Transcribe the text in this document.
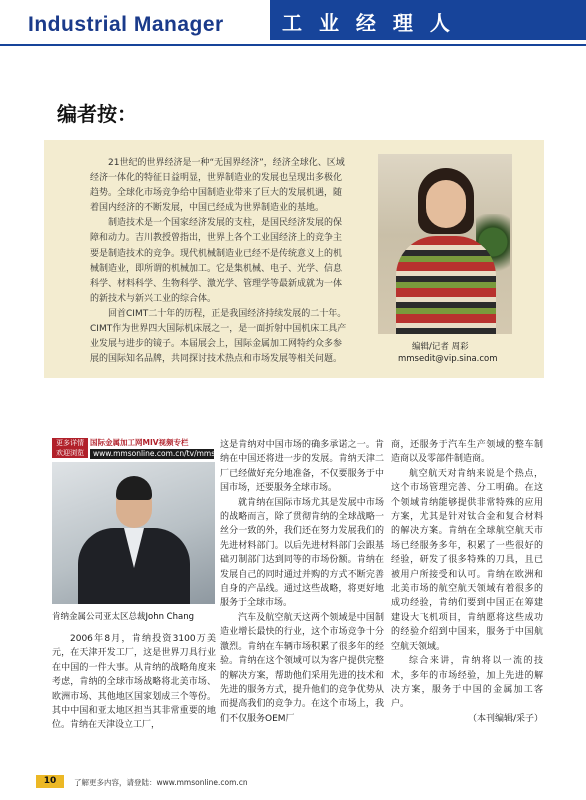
Industrial Manager	工 业 经 理 人
编者按：

21世纪的世界经济是一种“无国界经济”，经济全球化、区域经济一体化的特征日益明显，世界制造业的发展也呈现出多极化趋势。全球化市场竞争给中国制造业带来了巨大的发展机遇，随着国内经济的不断发展，中国已经成为世界制造业的基地。

制造技术是一个国家经济发展的支柱，是国民经济发展的保障和动力。吉川教授曾指出，世界上各个工业国经济上的竞争主要是制造技术的竞争。现代机械制造业已经不是传统意义上的机械制造业，即所谓的机械加工。它是集机械、电子、光学、信息科学、材料科学、生物科学、激光学、管理学等最新成就为一体的新技术与新兴工业的综合体。

回首CIMT二十年的历程，正是我国经济持续发展的二十年。CIMT作为世界四大国际机床展之一，是一面折射中国机床工具产业发展与进步的镜子。本届展会上，国际金属加工网特约众多参展的国际知名品牌，共同探讨技术热点和市场发展等相关问题。

编辑/记者 周彩
mmsedit@vip.sina.com
更多详情 欢迎浏览
国际金属加工网MIV视频专栏
www.mmsonline.com.cn/tv/mms
肯纳金属公司亚太区总裁John Chang

2006年8月，肯纳投资3100万美元，在天津开发工厂，这是世界刀具行业在中国的一件大事。从肯纳的战略角度来考虑，肯纳的全球市场战略将北美市场、欧洲市场、其他地区国家划成三个等份。其中中国和亚太地区担当其非常重要的地位。肯纳在天津设立工厂，

这是肯纳对中国市场的确多承诺之一。肯纳在中国还将进一步的发展。肯纳天津二厂已经做好充分地准备，不仅要服务于中国市场，还要服务全球市场。

就肯纳在国际市场尤其是发展中市场的战略而言，除了贯彻肯纳的全球战略一丝分一致的外，我们还在努力发展我们的先进材料部门。以后先进材料部门会跟基础刃制部门达到同等的市场份额。肯纳在发展自己的同时通过并购的方式不断完善自身的产品线。通过这些战略，将更好地服务于全球市场。

汽车及航空航天这两个领域是中国制造业增长最快的行业，这个市场竞争十分激烈。肯纳在车辆市场积累了很多年的经验。肯纳在这个领域可以为客户提供完整的解决方案，帮助他们采用先进的技术和先进的服务方式，提升他们的竞争优势从而提高我们的竞争力。在这个市场上，我们不仅服务OEM厂

商，还服务于汽车生产领域的整车制造商以及零部件制造商。

航空航天对肯纳来说是个热点，这个市场管理完善、分工明确。在这个领域肯纳能够提供非常特殊的应用方案，尤其是针对钛合金和复合材料的解决方案。肯纳在全球航空航天市场已经服务多年，积累了一些很好的经验，研发了很多特殊的刀具，且已被用户所接受和认可。肯纳在欧洲和北美市场的航空航天领域有着很多的成功经验，肯纳们要到中国正在筹建建设大飞机项目，肯纳愿将这些成功的经验介绍到中国来，服务于中国航空航天领域。

综合来讲，肯纳将以一流的技术，多年的市场经验，加上先进的解决方案，服务于中国的金属加工客户。

（本刊编辑/采子）

10	了解更多内容，请登陆：www.mmsonline.com.cn
